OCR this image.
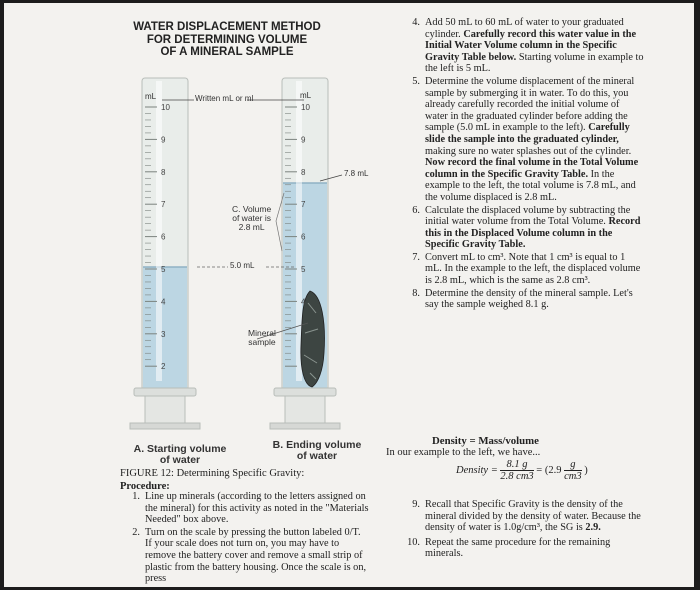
WATER DISPLACEMENT METHOD
FOR DETERMINING VOLUME
OF A MINERAL SAMPLE
10
9
8
7
6
5
4
3
2
10
9
8
7
6
5
4
mL	Written mL or ml	mL
7.8 mL
C. Volume
of water is
2.8 mL
5.0 mL
Mineral
sample
A. Starting volume
of water
B. Ending volume
of water
FIGURE 12: Determining Specific Gravity:
Procedure:
1. Line up minerals (according to the letters assigned on the mineral) for this activity as noted in the "Materials Needed" box above.
2. Turn on the scale by pressing the button labeled 0/T. If your scale does not turn on, you may have to remove the battery cover and remove a small strip of plastic from the battery housing. Once the scale is on, press
4. Add 50 mL to 60 mL of water to your graduated cylinder. Carefully record this water value in the Initial Water Volume column in the Specific Gravity Table below. Starting volume in example to the left is 5 mL.
5. Determine the volume displacement of the mineral sample by submerging it in water. To do this, you already carefully recorded the initial volume of water in the graduated cylinder before adding the sample (5.0 mL in example to the left). Carefully slide the sample into the graduated cylinder, making sure no water splashes out of the cylinder. Now record the final volume in the Total Volume column in the Specific Gravity Table. In the example to the left, the total volume is 7.8 mL, and the volume displaced is 2.8 mL.
6. Calculate the displaced volume by subtracting the initial water volume from the Total Volume. Record this in the Displaced Volume column in the Specific Gravity Table.
7. Convert mL to cm³. Note that 1 cm³ is equal to 1 mL. In the example to the left, the displaced volume is 2.8 mL, which is the same as 2.8 cm³.
8. Determine the density of the mineral sample. Let's say the sample weighed 8.1 g.
Density = Mass/volume
In our example to the left, we have...
Density = $\frac{8.1 g}{2.8 cm3} = (2.9 \frac{g}{cm3}$ )
9. Recall that Specific Gravity is the density of the mineral divided by the density of water. Because the density of water is 1.0g/cm³, the SG is 2.9.
10. Repeat the same procedure for the remaining minerals.
